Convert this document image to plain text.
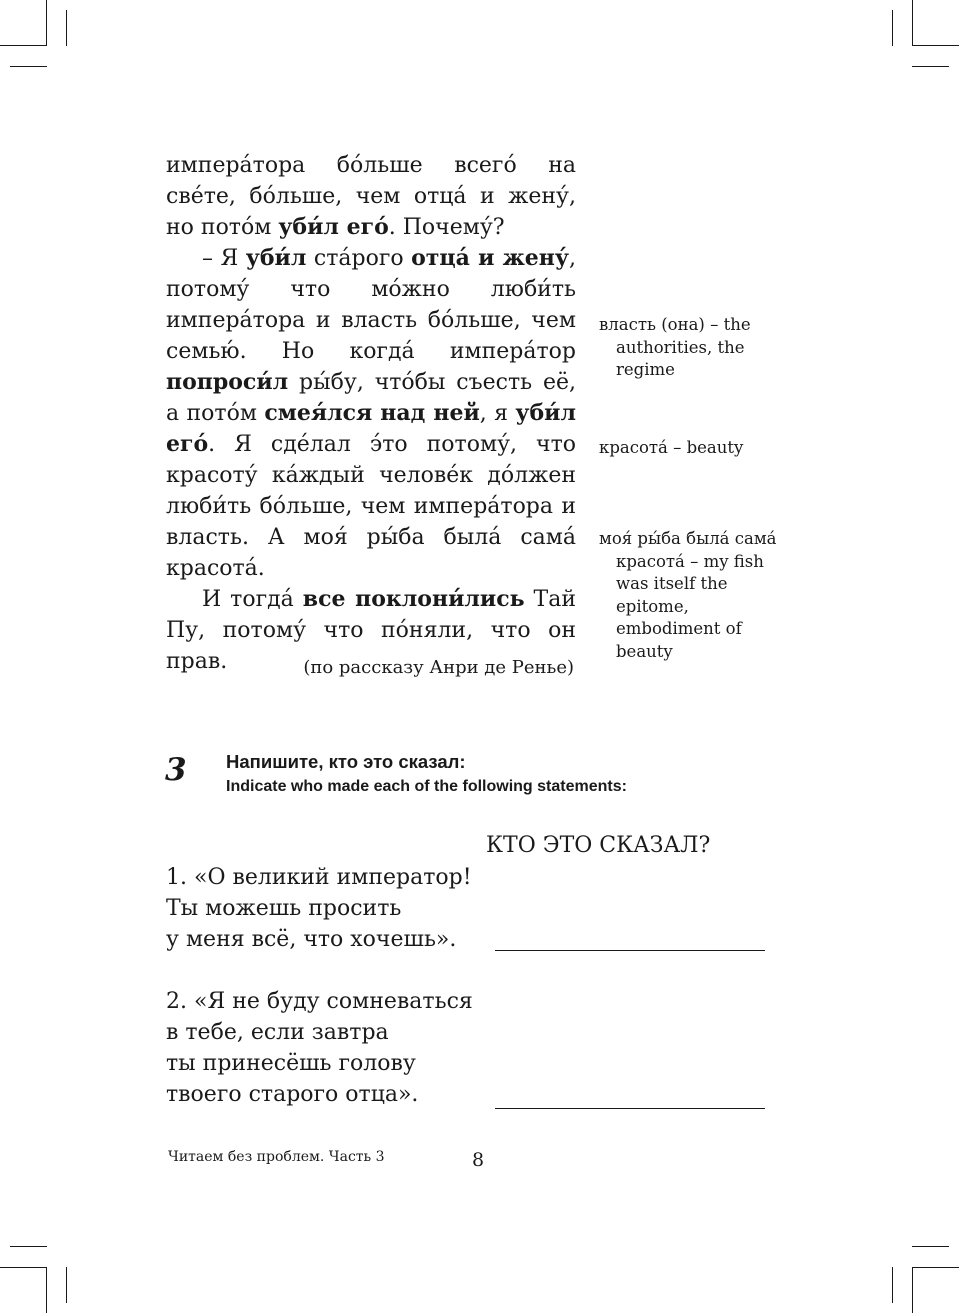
импера́тора бо́льше всего́ на све́те, бо́льше, чем отца́ и жену́, но пото́м уби́л его́. Почему́?

– Я уби́л ста́рого отца́ и жену́, потому́ что мо́жно люби́ть импера́тора и власть бо́льше, чем семью́. Но когда́ импера́тор попроси́л ры́бу, что́бы съесть её, а пото́м смея́лся над ней, я уби́л его́. Я сде́лал э́то потому́, что красоту́ ка́ждый челове́к до́лжен люби́ть бо́льше, чем импера́тора и власть. А моя́ ры́ба была́ сама́ красота́.

И тогда́ все поклони́лись Тай Пу, потому́ что по́няли, что он прав.	(по рассказу Анри де Ренье)
власть (она) – the authorities, the regime
красота́ – beauty
моя́ ры́ба была́ сама́ красота́ – my fish was itself the epitome, embodiment of beauty
3 Напишите, кто это сказал:
Indicate who made each of the following statements:
КТО ЭТО СКАЗАЛ?
1. «О великий император!
Ты можешь просить
у меня всё, что хочешь».
2. «Я не буду сомневаться
в тебе, если завтра
ты принесёшь голову
твоего старого отца».
Читаем без проблем. Часть 3	8
